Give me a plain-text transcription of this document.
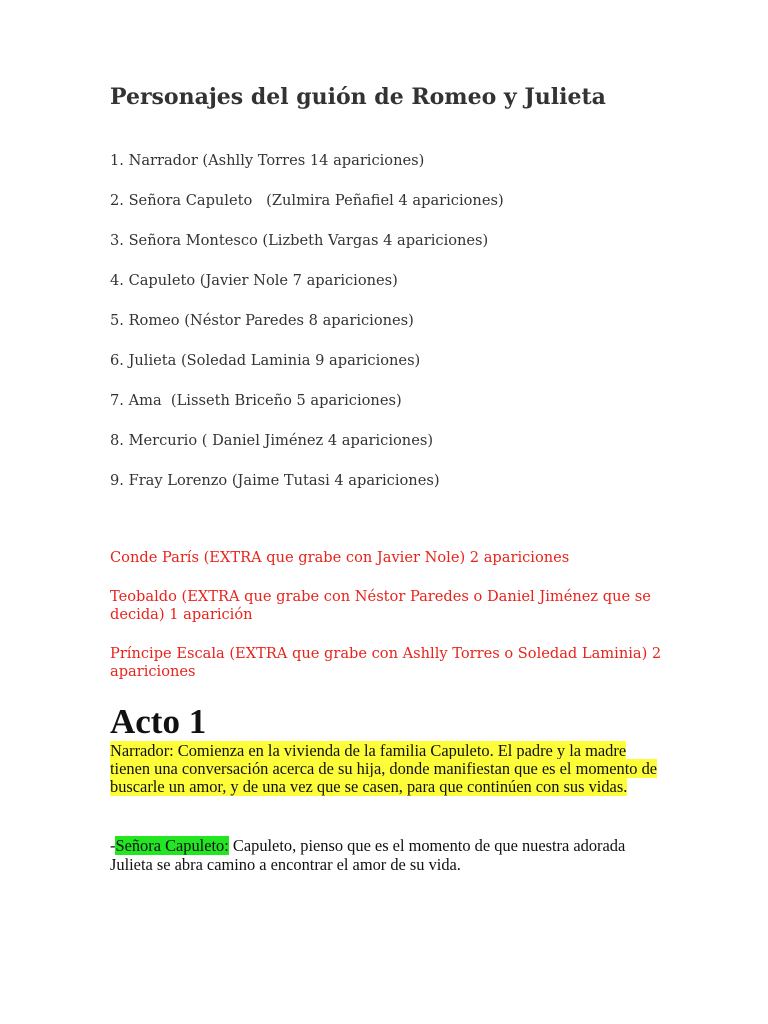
Personajes del guión de Romeo y Julieta
1. Narrador (Ashlly Torres 14 apariciones)
2. Señora Capuleto   (Zulmira Peñafiel 4 apariciones)
3. Señora Montesco (Lizbeth Vargas 4 apariciones)
4. Capuleto (Javier Nole 7 apariciones)
5. Romeo (Néstor Paredes 8 apariciones)
6. Julieta (Soledad Laminia 9 apariciones)
7. Ama  (Lisseth Briceño 5 apariciones)
8. Mercurio ( Daniel Jiménez 4 apariciones)
9. Fray Lorenzo (Jaime Tutasi 4 apariciones)

Conde París (EXTRA que grabe con Javier Nole) 2 apariciones

Teobaldo (EXTRA que grabe con Néstor Paredes o Daniel Jiménez que se decida) 1 aparición

Príncipe Escala (EXTRA que grabe con Ashlly Torres o Soledad Laminia) 2 apariciones

Acto 1

Narrador: Comienza en la vivienda de la familia Capuleto. El padre y la madre tienen una conversación acerca de su hija, donde manifiestan que es el momento de buscarle un amor, y de una vez que se casen, para que continúen con sus vidas.

-Señora Capuleto: Capuleto, pienso que es el momento de que nuestra adorada Julieta se abra camino a encontrar el amor de su vida.
